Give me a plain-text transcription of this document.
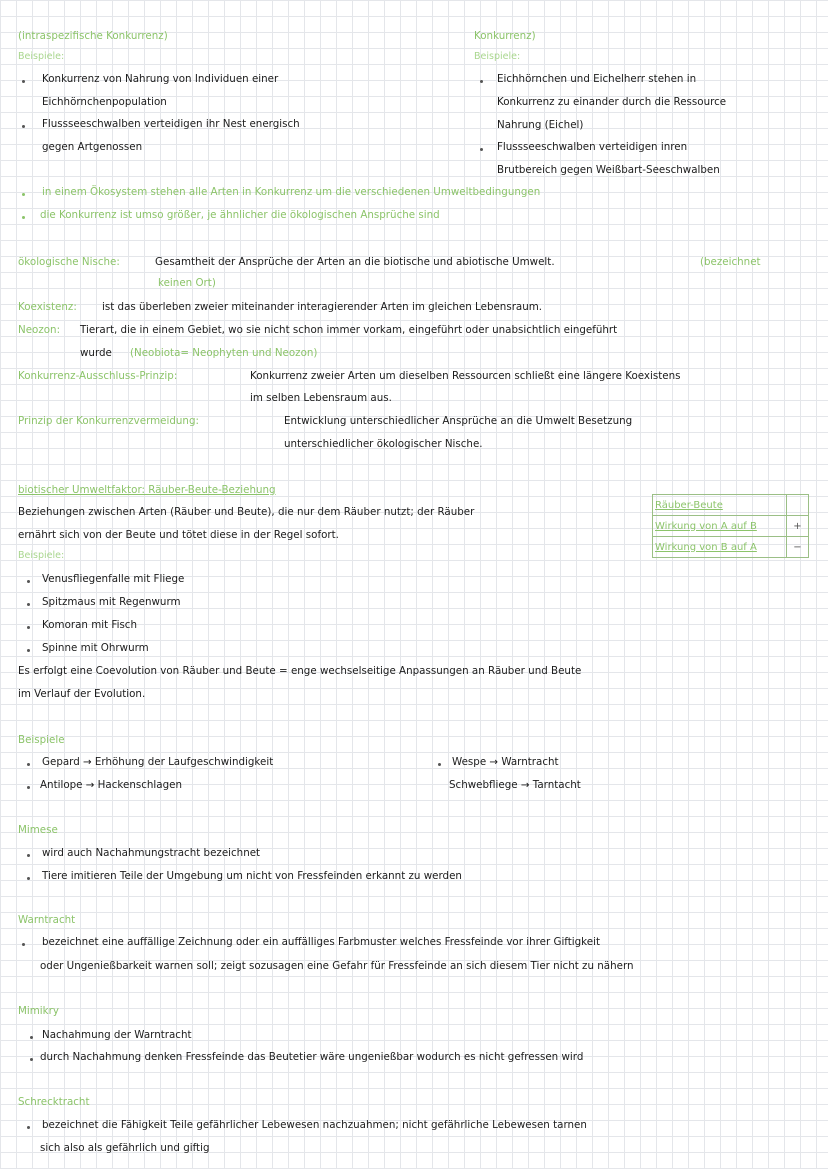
(intraspezifische Konkurrenz)
Beispiele:
Konkurrenz von Nahrung von Individuen einer
Eichhörnchenpopulation
Flussseeschwalben verteidigen ihr Nest energisch
gegen Artgenossen
Konkurrenz)
Beispiele:
Eichhörnchen und Eichelherr stehen in
Konkurrenz zu einander durch die Ressource
Nahrung (Eichel)
Flussseeschwalben verteidigen inren
Brutbereich gegen Weißbart-Seeschwalben
in einem Ökosystem stehen alle Arten in Konkurrenz um die verschiedenen Umweltbedingungen
die Konkurrenz ist umso größer, je ähnlicher die ökologischen Ansprüche sind
ökologische Nische:	Gesamtheit der Ansprüche der Arten an die biotische und abiotische Umwelt.	(bezeichnet
keinen Ort)
Koexistenz: ist das überleben zweier miteinander interagierender Arten im gleichen Lebensraum.
Neozon: Tierart, die in einem Gebiet, wo sie nicht schon immer vorkam, eingeführt oder unabsichtlich eingeführt
wurde (Neobiota= Neophyten und Neozon)
Konkurrenz-Ausschluss-Prinzip:	Konkurrenz zweier Arten um dieselben Ressourcen schließt eine längere Koexistens
im selben Lebensraum aus.
Prinzip der Konkurrenzvermeidung:	Entwicklung unterschiedlicher Ansprüche an die Umwelt Besetzung
unterschiedlicher ökologischer Nische.
biotischer Umweltfaktor: Räuber-Beute-Beziehung
Beziehungen zwischen Arten (Räuber und Beute), die nur dem Räuber nutzt; der Räuber
ernährt sich von der Beute und tötet diese in der Regel sofort.
Beispiele:
Venusfliegenfalle mit Fliege
Spitzmaus mit Regenwurm
Komoran mit Fisch
Spinne mit Ohrwurm
Es erfolgt eine Coevolution von Räuber und Beute = enge wechselseitige Anpassungen an Räuber und Beute
im Verlauf der Evolution.
Räuber-Beute	
Wirkung von A auf B	+
Wirkung von B auf A	−
Beispiele
Gepard → Erhöhung der Laufgeschwindigkeit
Antilope → Hackenschlagen
Wespe → Warntracht
Schwebfliege → Tarntacht
Mimese
wird auch Nachahmungstracht bezeichnet
Tiere imitieren Teile der Umgebung um nicht von Fressfeinden erkannt zu werden
Warntracht
bezeichnet eine auffällige Zeichnung oder ein auffälliges Farbmuster welches Fressfeinde vor ihrer Giftigkeit
oder Ungenießbarkeit warnen soll; zeigt sozusagen eine Gefahr für Fressfeinde an sich diesem Tier nicht zu nähern
Mimikry
Nachahmung der Warntracht
durch Nachahmung denken Fressfeinde das Beutetier wäre ungenießbar wodurch es nicht gefressen wird
Schrecktracht
bezeichnet die Fähigkeit Teile gefährlicher Lebewesen nachzuahmen; nicht gefährliche Lebewesen tarnen
sich also als gefährlich und giftig
